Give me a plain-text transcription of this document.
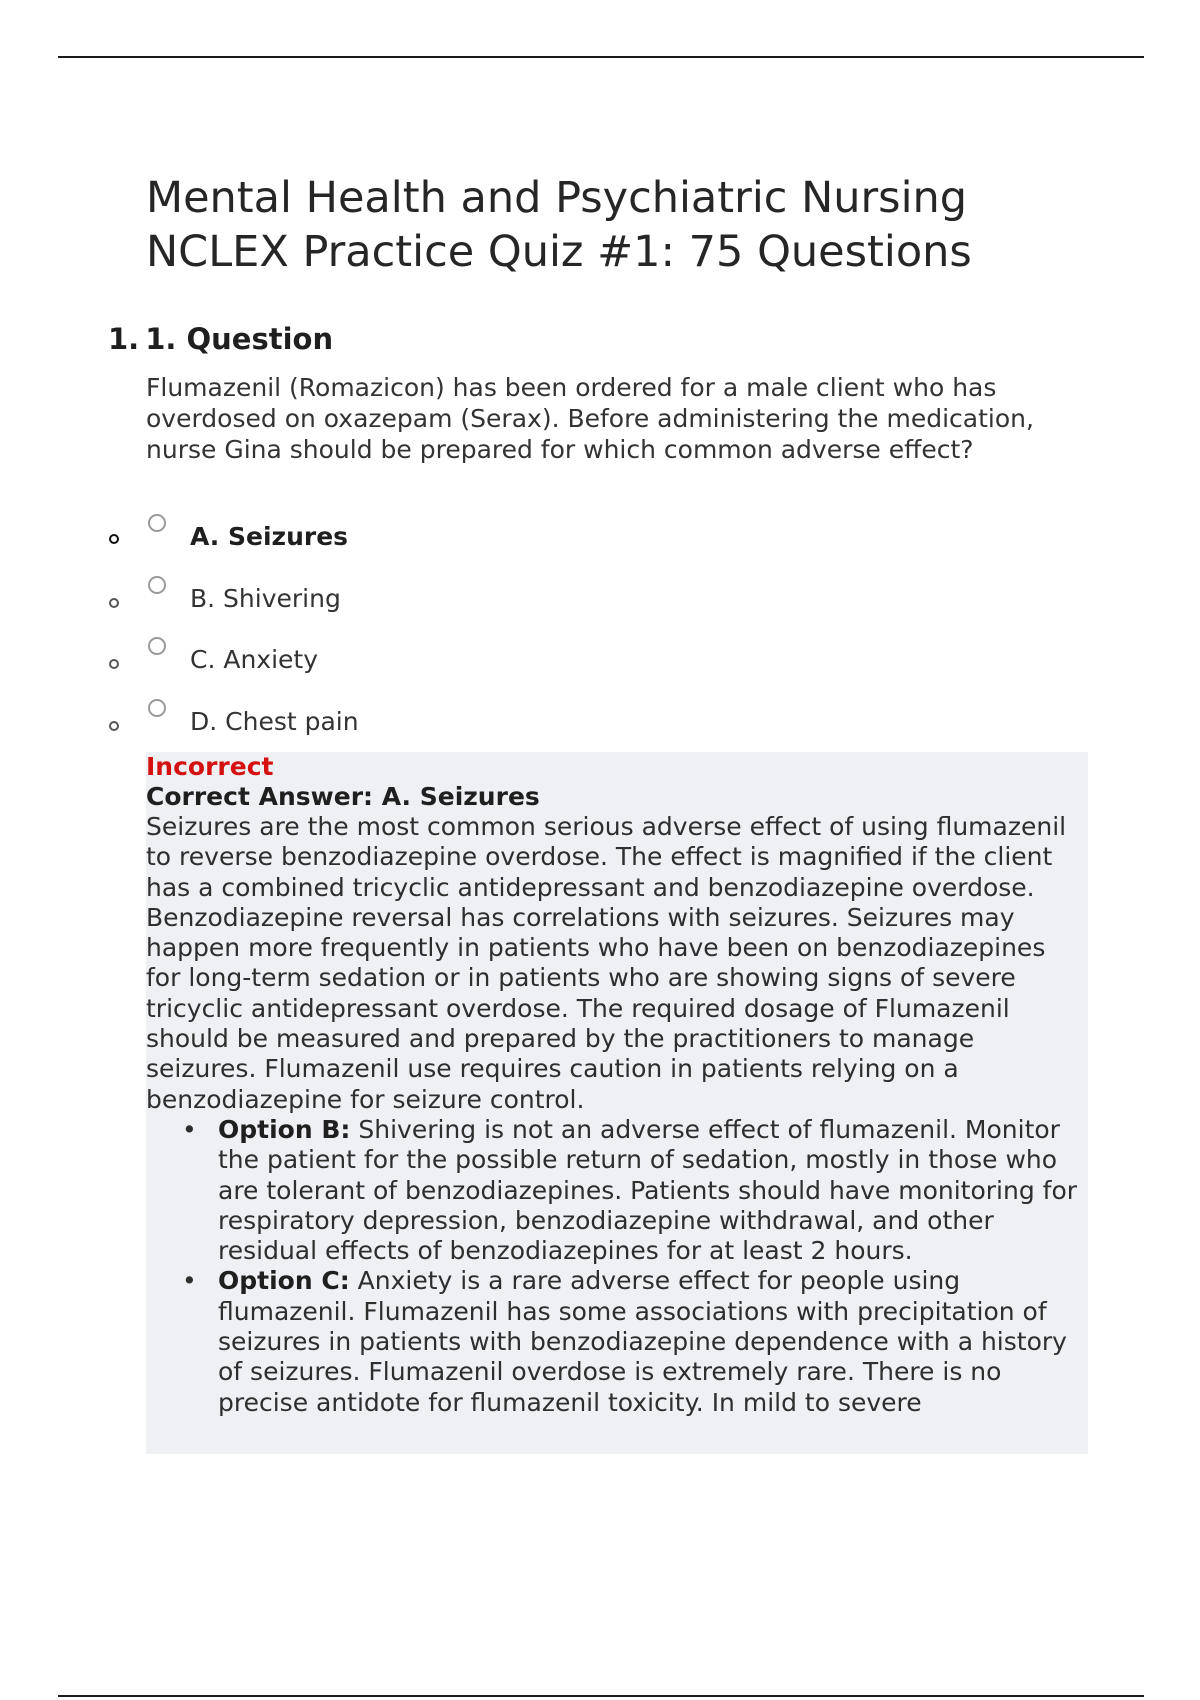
Mental Health and Psychiatric Nursing NCLEX Practice Quiz #1: 75 Questions
1. 1. Question
Flumazenil (Romazicon) has been ordered for a male client who has overdosed on oxazepam (Serax). Before administering the medication, nurse Gina should be prepared for which common adverse effect?
A. Seizures
B. Shivering
C. Anxiety
D. Chest pain
Incorrect
Correct Answer: A. Seizures
Seizures are the most common serious adverse effect of using flumazenil to reverse benzodiazepine overdose. The effect is magnified if the client has a combined tricyclic antidepressant and benzodiazepine overdose. Benzodiazepine reversal has correlations with seizures. Seizures may happen more frequently in patients who have been on benzodiazepines for long-term sedation or in patients who are showing signs of severe tricyclic antidepressant overdose. The required dosage of Flumazenil should be measured and prepared by the practitioners to manage seizures. Flumazenil use requires caution in patients relying on a benzodiazepine for seizure control.
• Option B: Shivering is not an adverse effect of flumazenil. Monitor the patient for the possible return of sedation, mostly in those who are tolerant of benzodiazepines. Patients should have monitoring for respiratory depression, benzodiazepine withdrawal, and other residual effects of benzodiazepines for at least 2 hours.
• Option C: Anxiety is a rare adverse effect for people using flumazenil. Flumazenil has some associations with precipitation of seizures in patients with benzodiazepine dependence with a history of seizures. Flumazenil overdose is extremely rare. There is no precise antidote for flumazenil toxicity. In mild to severe
